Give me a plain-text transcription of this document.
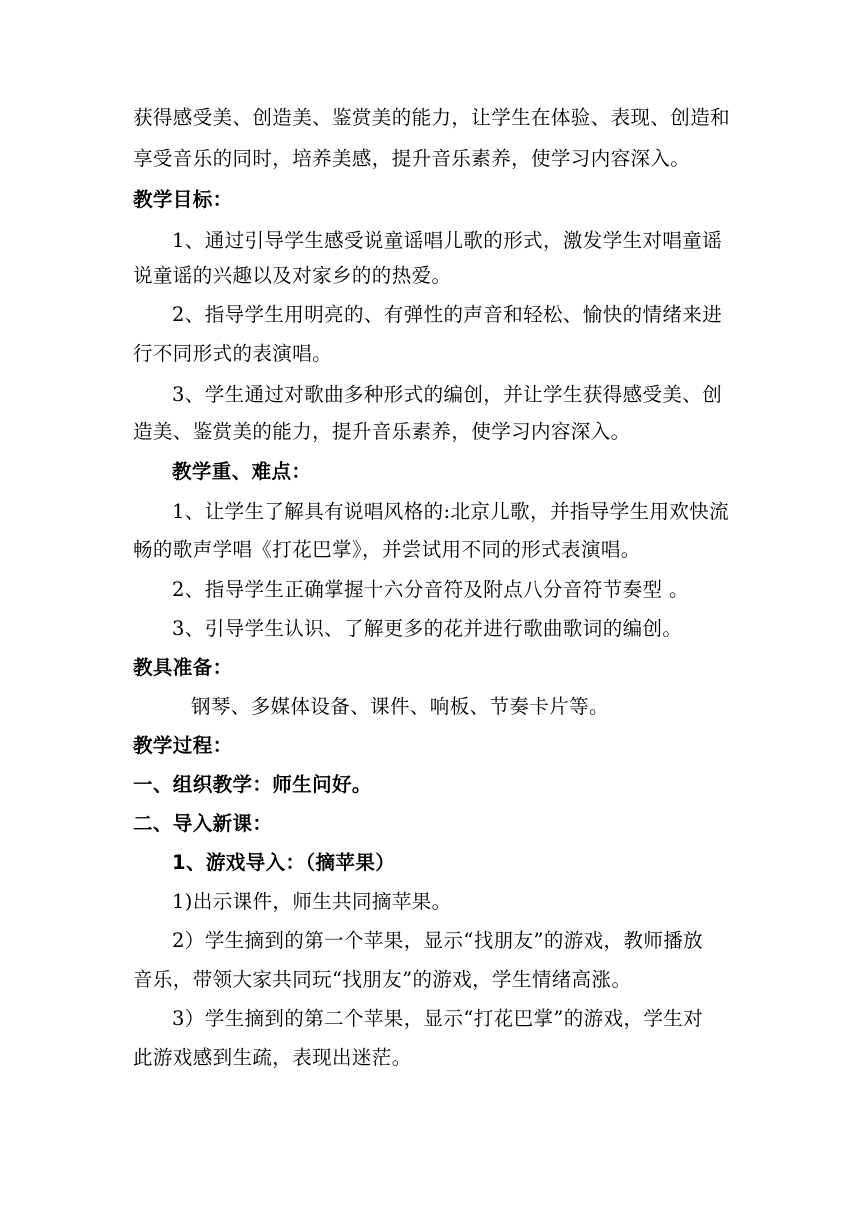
获得感受美、创造美、鉴赏美的能力，让学生在体验、表现、创造和
享受音乐的同时，培养美感，提升音乐素养，使学习内容深入。
教学目标：
1、通过引导学生感受说童谣唱儿歌的形式，激发学生对唱童谣
说童谣的兴趣以及对家乡的的热爱。
2、指导学生用明亮的、有弹性的声音和轻松、愉快的情绪来进
行不同形式的表演唱。
3、学生通过对歌曲多种形式的编创，并让学生获得感受美、创
造美、鉴赏美的能力，提升音乐素养，使学习内容深入。
教学重、难点：
1、让学生了解具有说唱风格的:北京儿歌，并指导学生用欢快流
畅的歌声学唱《打花巴掌》，并尝试用不同的形式表演唱。
2、指导学生正确掌握十六分音符及附点八分音符节奏型 。
3、引导学生认识、了解更多的花并进行歌曲歌词的编创。
教具准备：
钢琴、多媒体设备、课件、响板、节奏卡片等。
教学过程：
一、组织教学：师生问好。
二、导入新课：
1、游戏导入：（摘苹果）
1)出示课件，师生共同摘苹果。
2）学生摘到的第一个苹果，显示“找朋友”的游戏，教师播放
音乐，带领大家共同玩“找朋友”的游戏，学生情绪高涨。
3）学生摘到的第二个苹果，显示“打花巴掌”的游戏，学生对
此游戏感到生疏，表现出迷茫。
